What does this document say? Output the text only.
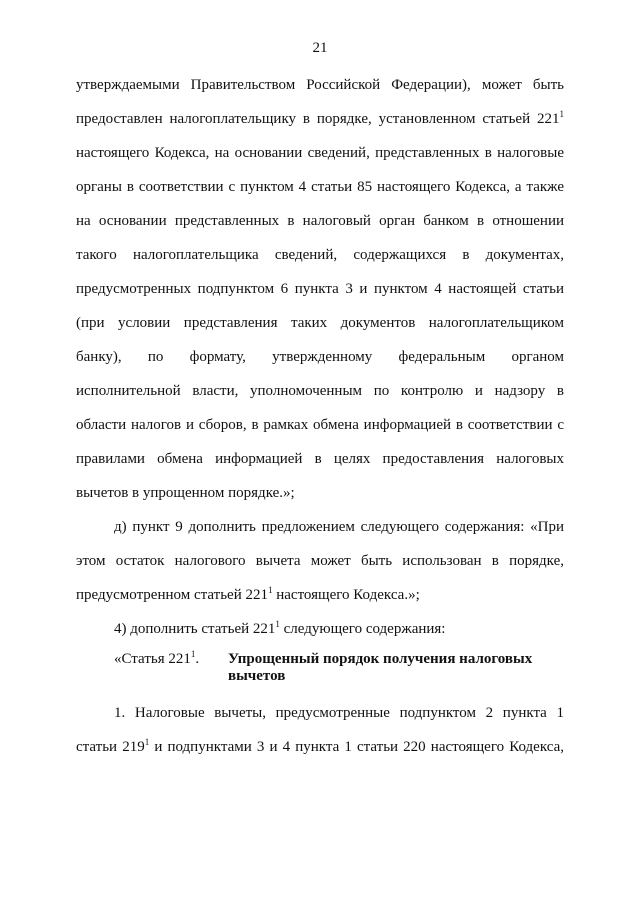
21
утверждаемыми Правительством Российской Федерации), может быть
предоставлен налогоплательщику в порядке, установленном статьей $221^1$
настоящего Кодекса, на основании сведений, представленных в налоговые
органы в соответствии с пунктом 4 статьи 85 настоящего Кодекса, а также
на основании представленных в налоговый орган банком в отношении
такого налогоплательщика сведений, содержащихся в документах,
предусмотренных подпунктом 6 пункта 3 и пунктом 4 настоящей статьи
(при условии представления таких документов налогоплательщиком
банку), по формату, утвержденному федеральным органом
исполнительной власти, уполномоченным по контролю и надзору в
области налогов и сборов, в рамках обмена информацией в соответствии с
правилами обмена информацией в целях предоставления налоговых
вычетов в упрощенном порядке.»;
д) пункт 9 дополнить предложением следующего содержания: «При
этом остаток налогового вычета может быть использован в порядке,
предусмотренном статьей $221^1$ настоящего Кодекса.»;
4) дополнить статьей $221^1$ следующего содержания:
«Статья $221^1$. Упрощенный порядок получения налоговых вычетов
1. Налоговые вычеты, предусмотренные подпунктом 2 пункта 1
статьи $219^1$ и подпунктами 3 и 4 пункта 1 статьи 220 настоящего Кодекса,
